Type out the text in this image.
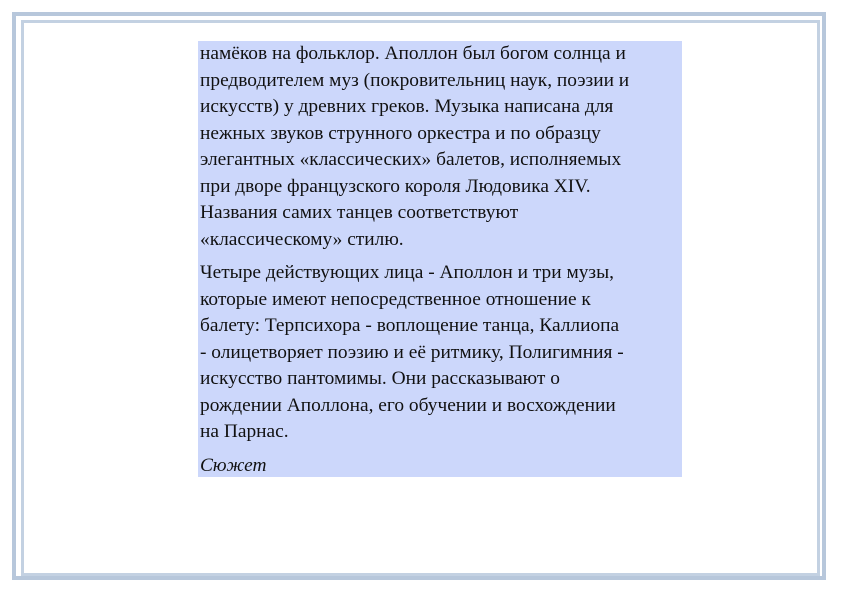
намёков на фольклор. Аполлон был богом солнца и
предводителем муз (покровительниц наук, поэзии и
искусств) у древних греков. Музыка написана для
нежных звуков струнного оркестра и по образцу
элегантных «классических» балетов, исполняемых
при дворе французского короля Людовика XIV.
Названия самих танцев соответствуют
«классическому» стилю.

Четыре действующих лица - Аполлон и три музы,
которые имеют непосредственное отношение к
балету: Терпсихора - воплощение танца, Каллиопа
- олицетворяет поэзию и её ритмику, Полигимния -
искусство пантомимы. Они рассказывают о
рождении Аполлона, его обучении и восхождении
на Парнас.

Сюжет
